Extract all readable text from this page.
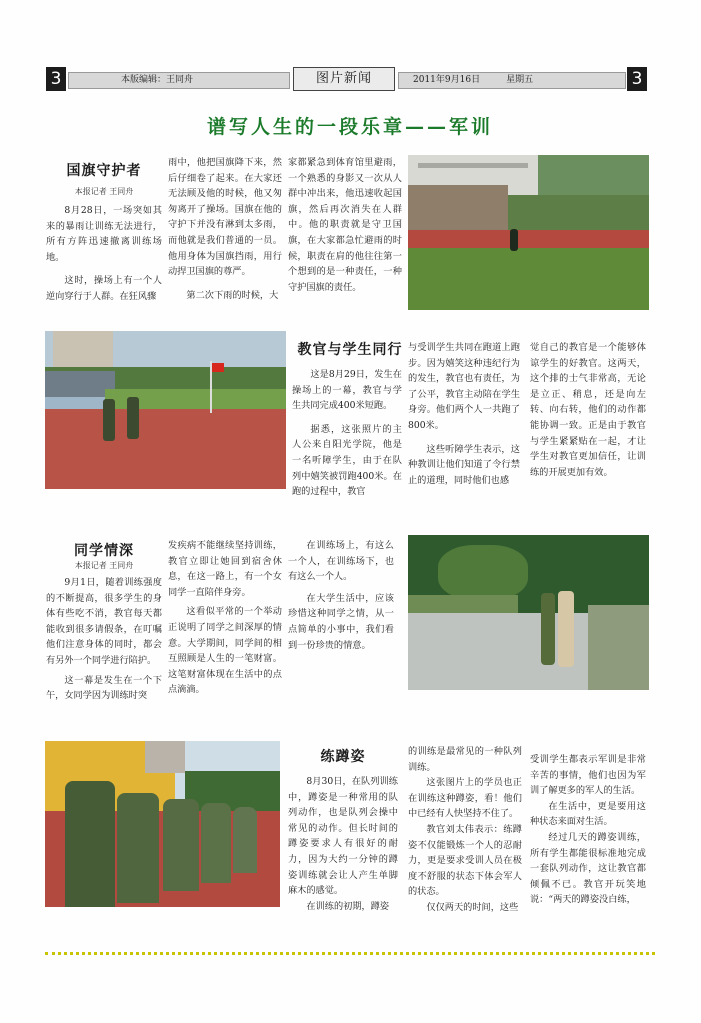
3	本版编辑：王同舟	图片新闻	2011年9月16日	星期五	3
谱写人生的一段乐章——军训
国旗守护者
本报记者 王同舟

8月28日，一场突如其来的暴雨让训练无法进行，所有方阵迅速撤离训练场地。

这时，操场上有一个人逆向穿行于人群。在狂风骤

雨中，他把国旗降下来，然后仔细卷了起来。在大家还无法顾及他的时候，他又匆匆离开了操场。国旗在他的守护下并没有淋到太多雨，而他就是我们普通的一员。他用身体为国旗挡雨，用行动捍卫国旗的尊严。

第二次下雨的时候，大

家都紧急到体育馆里避雨，一个熟悉的身影又一次从人群中冲出来，他迅速收起国旗，然后再次消失在人群中。他的职责就是守卫国旗，在大家都急忙避雨的时候，职责在肩的他往往第一个想到的是一种责任，一种守护国旗的责任。

教官与学生同行

这是8月29日，发生在操场上的一幕，教官与学生共同完成400米短跑。

据悉，这张照片的主人公来自阳光学院，他是一名听障学生，由于在队列中嬉笑被罚跑400米。在跑的过程中，教官

与受训学生共同在跑道上跑步。因为嬉笑这种违纪行为的发生，教官也有责任，为了公平，教官主动陪在学生身旁。他们两个人一共跑了800米。

这些听障学生表示，这种教训让他们知道了令行禁止的道理，同时他们也感

觉自己的教官是一个能够体谅学生的好教官。这两天，这个排的士气非常高，无论是立正、稍息，还是向左转、向右转，他们的动作都能协调一致。正是由于教官与学生紧紧贴在一起，才让学生对教官更加信任，让训练的开展更加有效。

同学情深
本报记者 王同舟

9月1日，随着训练强度的不断提高，很多学生的身体有些吃不消，教官每天都能收到很多请假条，在叮嘱他们注意身体的同时，都会有另外一个同学进行陪护。

这一幕是发生在一个下午，女同学因为训练时突

发疾病不能继续坚持训练，教官立即让她回到宿舍休息，在这一路上，有一个女同学一直陪伴身旁。

这看似平常的一个举动正说明了同学之间深厚的情意。大学期间，同学间的相互照顾是人生的一笔财富。这笔财富体现在生活中的点点滴滴。

在训练场上，有这么一个人，在训练场下，也有这么一个人。

在大学生活中，应该珍惜这种同学之情，从一点简单的小事中，我们看到一份珍贵的情意。

练蹲姿

8月30日，在队列训练中，蹲姿是一种常用的队列动作，也是队列会操中常见的动作。但长时间的蹲姿要求人有很好的耐力，因为大约一分钟的蹲姿训练就会让人产生单脚麻木的感觉。

在训练的初期，蹲姿

的训练是最常见的一种队列训练。

这张图片上的学员也正在训练这种蹲姿，看！他们中已经有人快坚持不住了。

教官刘太伟表示：练蹲姿不仅能锻炼一个人的忍耐力，更是要求受训人员在极度不舒服的状态下体会军人的状态。

仅仅两天的时间，这些

受训学生都表示军训是非常辛苦的事情，他们也因为军训了解更多的军人的生活。

在生活中，更是要用这种状态来面对生活。

经过几天的蹲姿训练，所有学生都能很标准地完成一套队列动作，这让教官都倾佩不已。教官开玩笑地说：“两天的蹲姿没白练，
